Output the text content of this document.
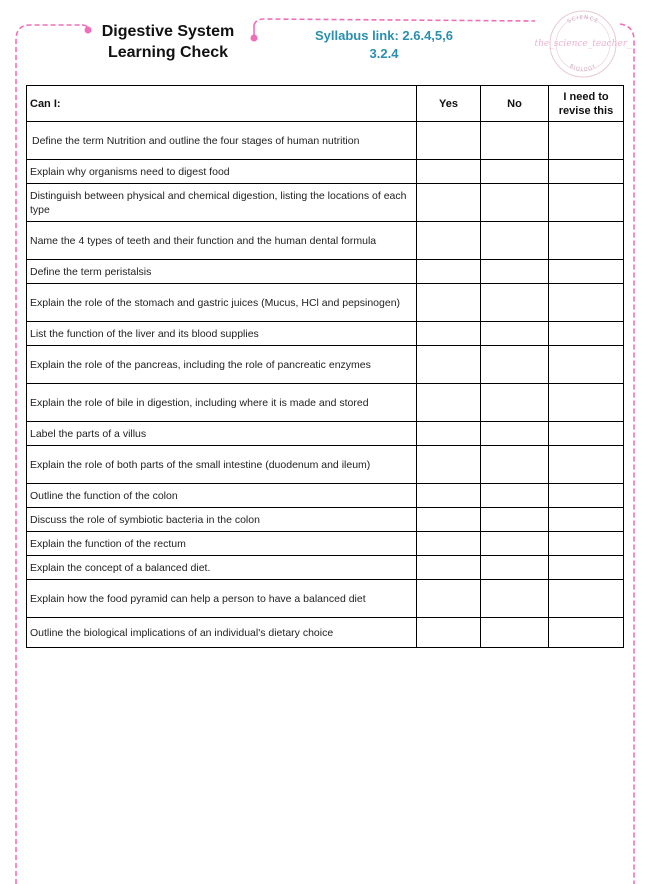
Digestive System
Learning Check
Syllabus link: 2.6.4,5,6
3.2.4
SCIENCE
BIOLOGY
the_science_teacher_
Can I:	Yes	No	I need to
revise this

Define the term Nutrition and outline the four stages of human nutrition			
Explain why organisms need to digest food			
Distinguish between physical and chemical digestion, listing the locations of each type			
Name the 4 types of teeth and their function and the human dental formula			
Define the term peristalsis			
Explain the role of the stomach and gastric juices (Mucus, HCl and pepsinogen)			
List the function of the liver and its blood supplies			
Explain the role of the pancreas, including the role of pancreatic enzymes			
Explain the role of bile in digestion, including where it is made and stored			
Label the parts of a villus			
Explain the role of both parts of the small intestine (duodenum and ileum)			
Outline the function of the colon			
Discuss the role of symbiotic bacteria in the colon			
Explain the function of the rectum			
Explain the concept of a balanced diet.			
Explain how the food pyramid can help a person to have a balanced diet			
Outline the biological implications of an individual's dietary choice			
